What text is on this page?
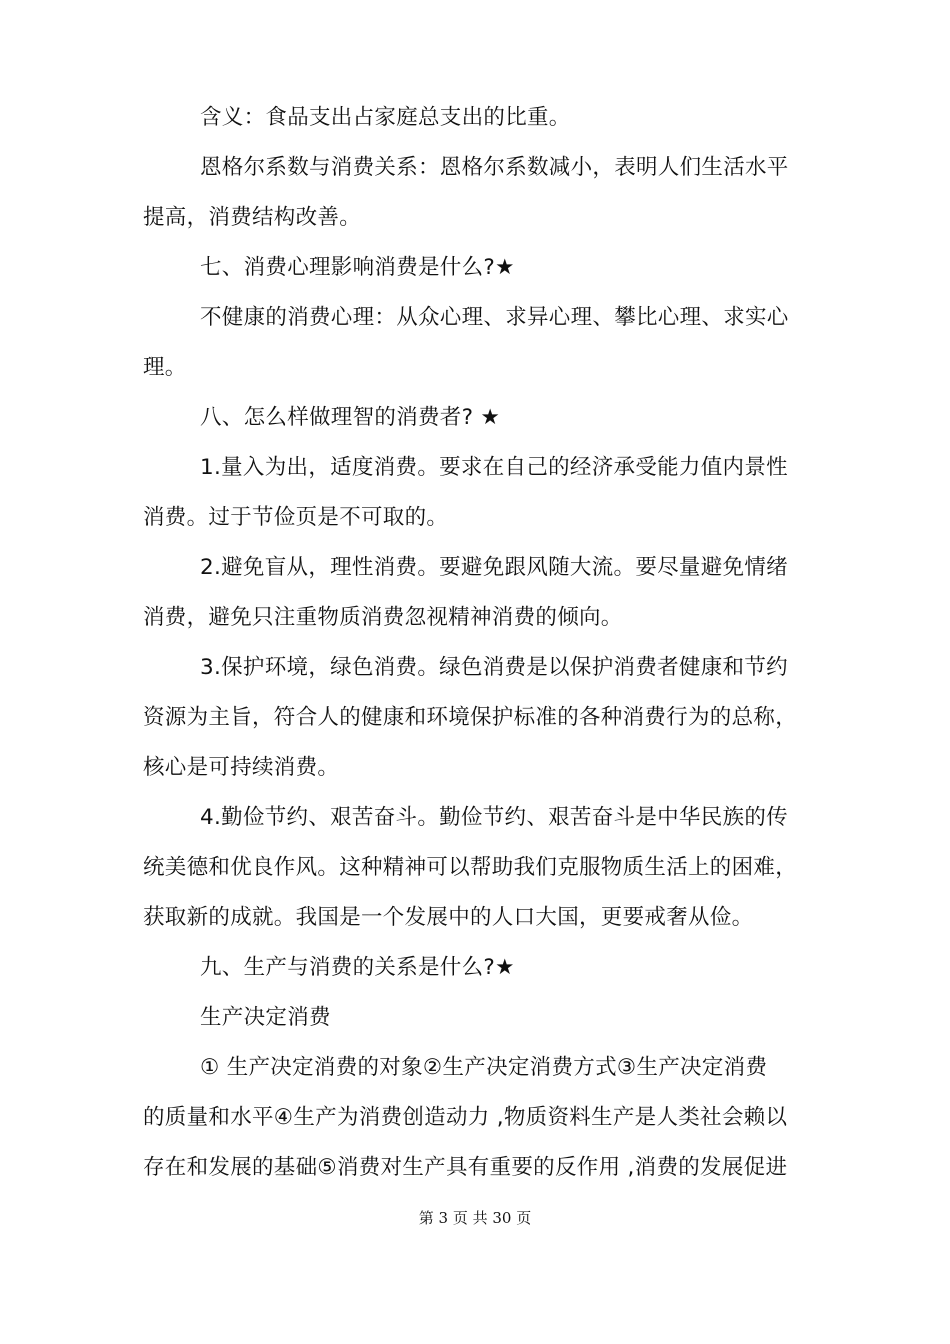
含义：食品支出占家庭总支出的比重。
恩格尔系数与消费关系：恩格尔系数减小，表明人们生活水平
提高，消费结构改善。
七、消费心理影响消费是什么?★
不健康的消费心理：从众心理、求异心理、攀比心理、求实心
理。
八、怎么样做理智的消费者? ★
1.量入为出，适度消费。要求在自己的经济承受能力值内景性
消费。过于节俭页是不可取的。
2.避免盲从，理性消费。要避免跟风随大流。要尽量避免情绪
消费，避免只注重物质消费忽视精神消费的倾向。
3.保护环境，绿色消费。绿色消费是以保护消费者健康和节约
资源为主旨，符合人的健康和环境保护标准的各种消费行为的总称，
核心是可持续消费。
4.勤俭节约、艰苦奋斗。勤俭节约、艰苦奋斗是中华民族的传
统美德和优良作风。这种精神可以帮助我们克服物质生活上的困难，
获取新的成就。我国是一个发展中的人口大国，更要戒奢从俭。
九、生产与消费的关系是什么?★
生产决定消费
① 生产决定消费的对象②生产决定消费方式③生产决定消费
的质量和水平④生产为消费创造动力 ,物质资料生产是人类社会赖以
存在和发展的基础⑤消费对生产具有重要的反作用 ,消费的发展促进
第 3 页 共 30 页
